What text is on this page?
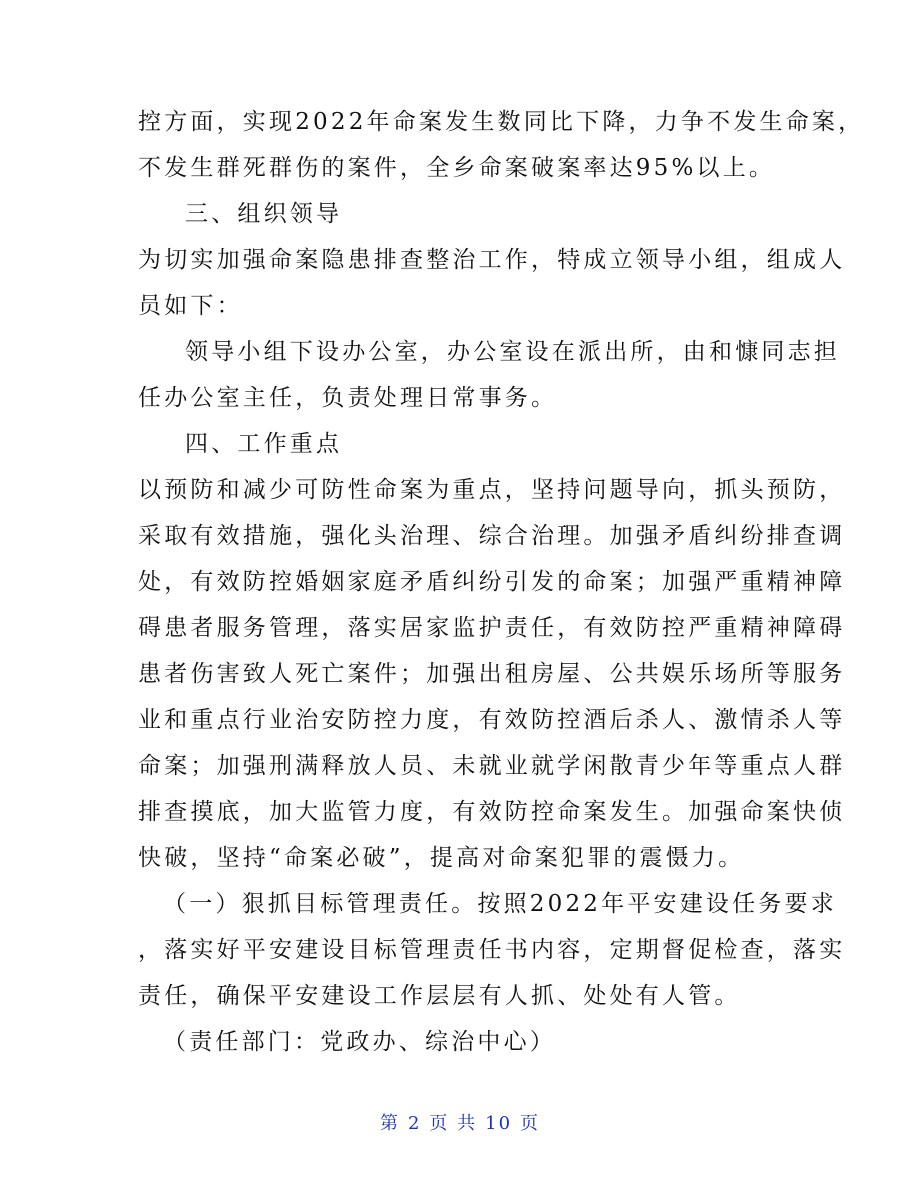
控方面，实现2022年命案发生数同比下降，力争不发生命案，
不发生群死群伤的案件，全乡命案破案率达95%以上。
三、组织领导
为切实加强命案隐患排查整治工作，特成立领导小组，组成人
员如下：
领导小组下设办公室，办公室设在派出所，由和慷同志担
任办公室主任，负责处理日常事务。
四、工作重点
以预防和减少可防性命案为重点，坚持问题导向，抓头预防，
采取有效措施，强化头治理、综合治理。加强矛盾纠纷排查调
处，有效防控婚姻家庭矛盾纠纷引发的命案；加强严重精神障
碍患者服务管理，落实居家监护责任，有效防控严重精神障碍
患者伤害致人死亡案件；加强出租房屋、公共娱乐场所等服务
业和重点行业治安防控力度，有效防控酒后杀人、激情杀人等
命案；加强刑满释放人员、未就业就学闲散青少年等重点人群
排查摸底，加大监管力度，有效防控命案发生。加强命案快侦
快破，坚持“命案必破”，提高对命案犯罪的震慑力。
（一）狠抓目标管理责任。按照2022年平安建设任务要求
，落实好平安建设目标管理责任书内容，定期督促检查，落实
责任，确保平安建设工作层层有人抓、处处有人管。
（责任部门：党政办、综治中心）
第 2 页 共 10 页
